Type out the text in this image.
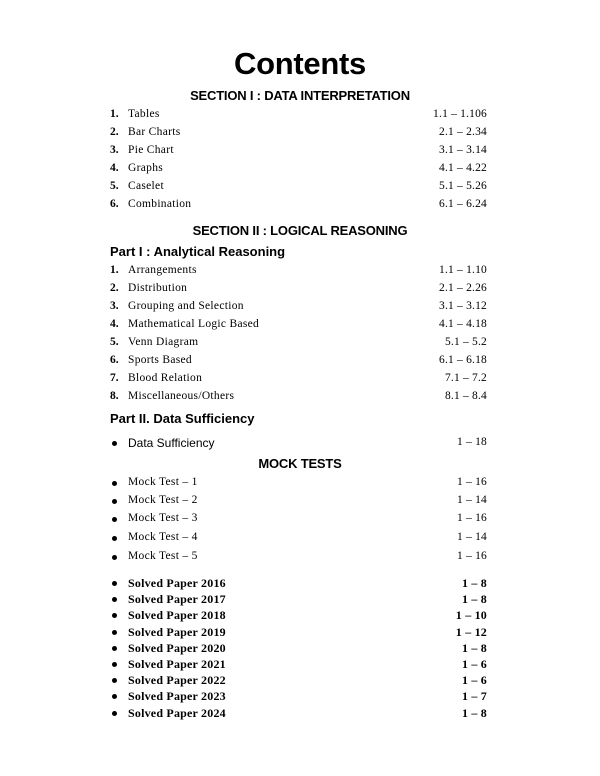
Contents
SECTION I : DATA INTERPRETATION
1. Tables	1.1 – 1.106
2. Bar Charts	2.1 – 2.34
3. Pie Chart	3.1 – 3.14
4. Graphs	4.1 – 4.22
5. Caselet	5.1 – 5.26
6. Combination	6.1 – 6.24
SECTION II : LOGICAL REASONING
Part I : Analytical Reasoning
1. Arrangements	1.1 – 1.10
2. Distribution	2.1 – 2.26
3. Grouping and Selection	3.1 – 3.12
4. Mathematical Logic Based	4.1 – 4.18
5. Venn Diagram	5.1 – 5.2
6. Sports Based	6.1 – 6.18
7. Blood Relation	7.1 – 7.2
8. Miscellaneous/Others	8.1 – 8.4
Part II. Data Sufficiency
Data Sufficiency	1 – 18
MOCK TESTS
Mock Test – 1	1 – 16
Mock Test – 2	1 – 14
Mock Test – 3	1 – 16
Mock Test – 4	1 – 14
Mock Test – 5	1 – 16
Solved Paper 2016	1 – 8
Solved Paper 2017	1 – 8
Solved Paper 2018	1 – 10
Solved Paper 2019	1 – 12
Solved Paper 2020	1 – 8
Solved Paper 2021	1 – 6
Solved Paper 2022	1 – 6
Solved Paper 2023	1 – 7
Solved Paper 2024	1 – 8
